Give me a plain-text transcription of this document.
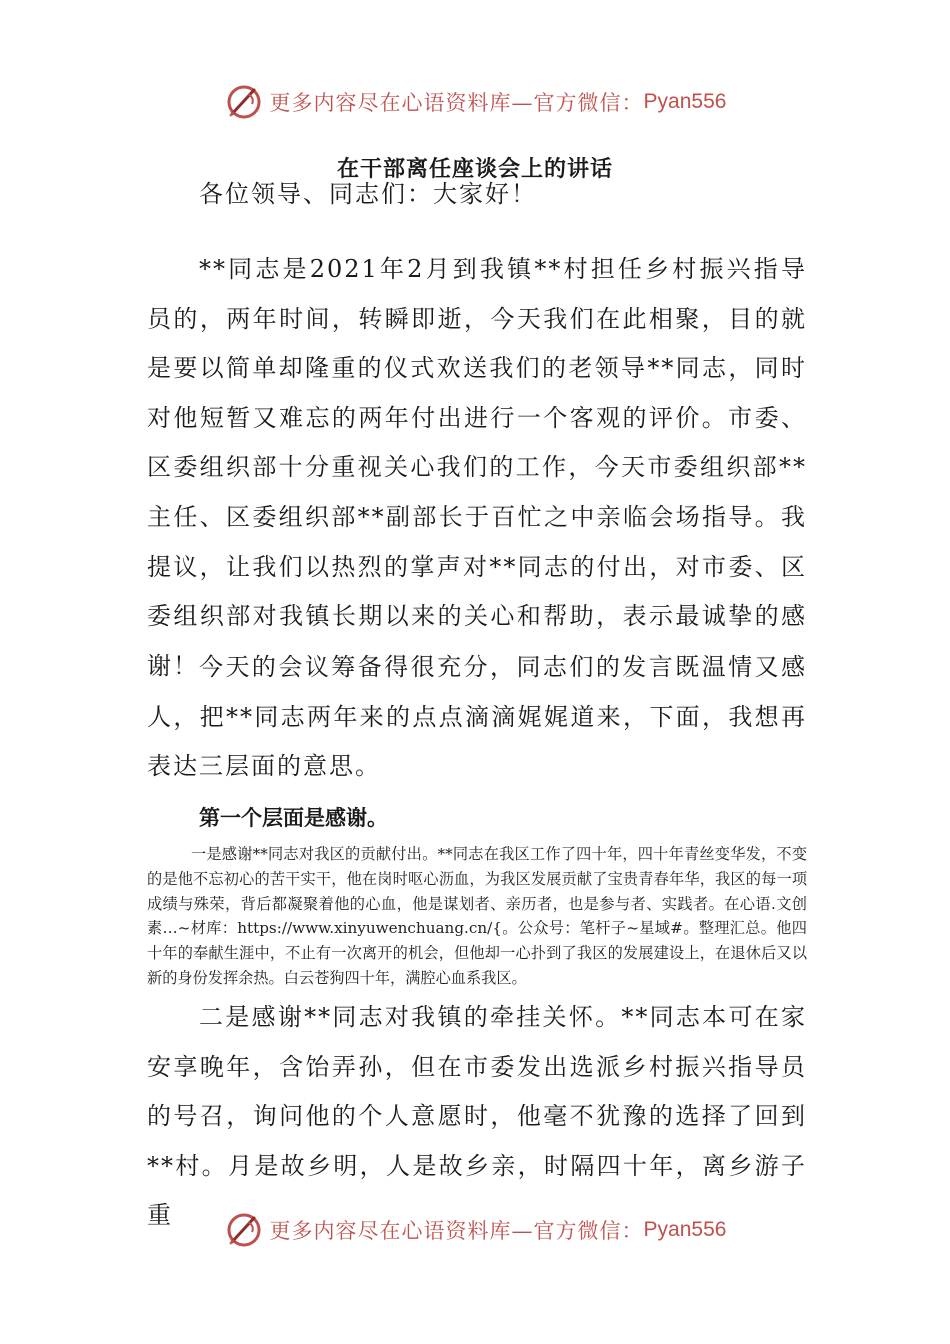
更多内容尽在心语资料库—官方微信： Pyan556
在干部离任座谈会上的讲话

各位领导、同志们：大家好！

**同志是2021年2月到我镇**村担任乡村振兴指导员的，两年时间，转瞬即逝，今天我们在此相聚，目的就是要以简单却隆重的仪式欢送我们的老领导**同志，同时对他短暂又难忘的两年付出进行一个客观的评价。市委、区委组织部十分重视关心我们的工作，今天市委组织部**主任、区委组织部**副部长于百忙之中亲临会场指导。我提议，让我们以热烈的掌声对**同志的付出，对市委、区委组织部对我镇长期以来的关心和帮助，表示最诚挚的感谢！ 今天的会议筹备得很充分，同志们的发言既温情又感人，把**同志两年来的点点滴滴娓娓道来，下面，我想再表达三层面的意思。

第一个层面是感谢。

一是感谢**同志对我区的贡献付出。**同志在我区工作了四十年，四十年青丝变华发，不变的是他不忘初心的苦干实干，他在岗时呕心沥血，为我区发展贡献了宝贵青春年华，我区的每一项成绩与殊荣，背后都凝聚着他的心血，他是谋划者、亲历者，也是参与者、实践者。在心语.文创素…~材库：https://www.xinyuwenchuang.cn/{。公众号：笔杆子~星域#。整理汇总。他四十年的奉献生涯中，不止有一次离开的机会，但他却一心扑到了我区的发展建设上，在退休后又以新的身份发挥余热。白云苍狗四十年，满腔心血系我区。

二是感谢**同志对我镇的牵挂关怀。**同志本可在家安享晚年，含饴弄孙，但在市委发出选派乡村振兴指导员的号召，询问他的个人意愿时，他毫不犹豫的选择了回到**村。月是故乡明，人是故乡亲，时隔四十年，离乡游子重

更多内容尽在心语资料库—官方微信： Pyan556
